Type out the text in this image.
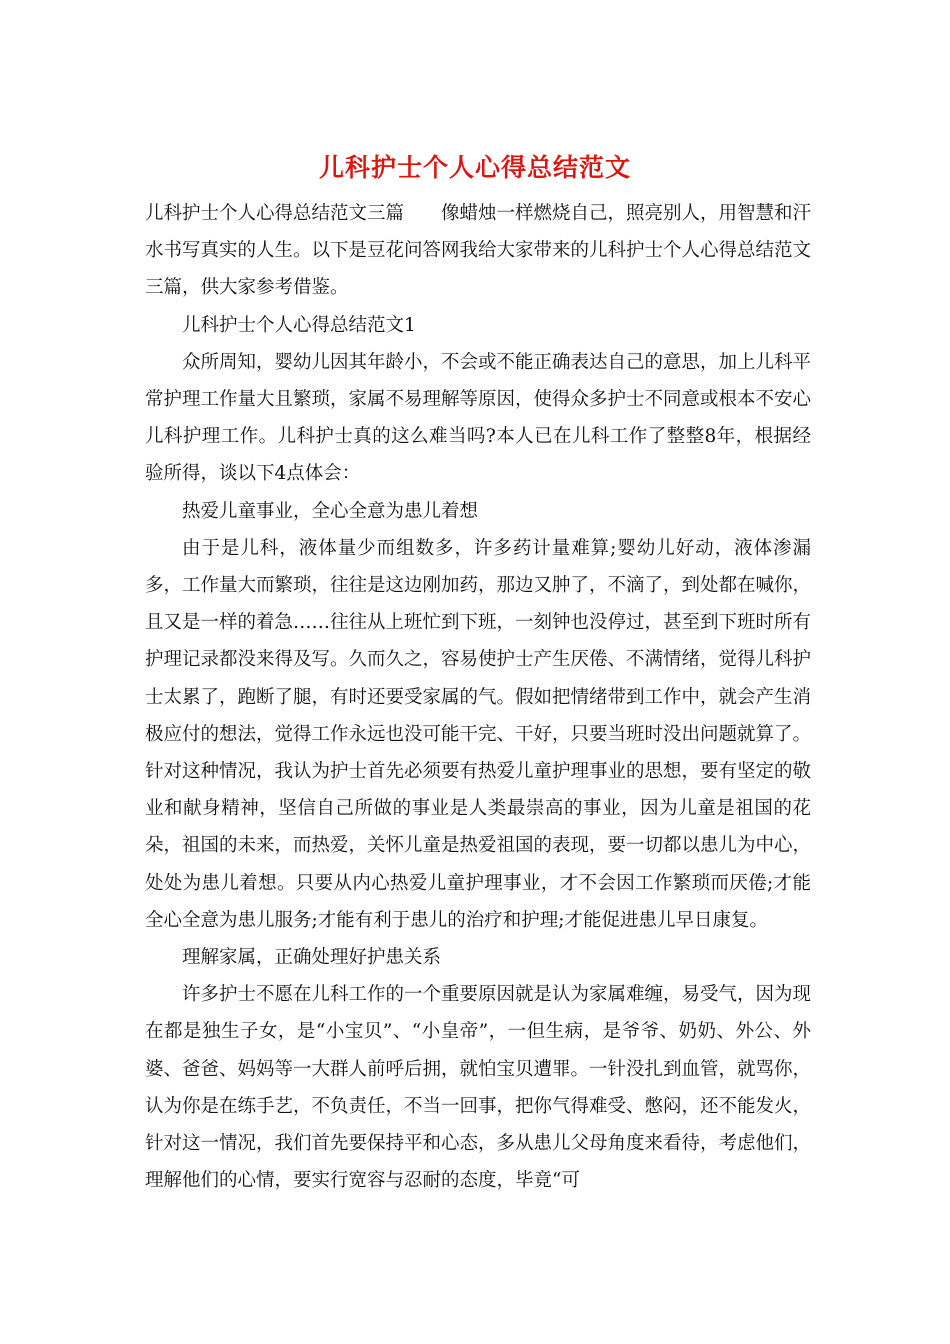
儿科护士个人心得总结范文

儿科护士个人心得总结范文三篇　　像蜡烛一样燃烧自己，照亮别人，用智慧和汗水书写真实的人生。以下是豆花问答网我给大家带来的儿科护士个人心得总结范文三篇，供大家参考借鉴。

儿科护士个人心得总结范文1

众所周知，婴幼儿因其年龄小，不会或不能正确表达自己的意思，加上儿科平常护理工作量大且繁琐，家属不易理解等原因，使得众多护士不同意或根本不安心儿科护理工作。儿科护士真的这么难当吗?本人已在儿科工作了整整8年，根据经验所得，谈以下4点体会：

热爱儿童事业，全心全意为患儿着想

由于是儿科，液体量少而组数多，许多药计量难算;婴幼儿好动，液体渗漏多，工作量大而繁琐，往往是这边刚加药，那边又肿了，不滴了，到处都在喊你，且又是一样的着急……往往从上班忙到下班，一刻钟也没停过，甚至到下班时所有护理记录都没来得及写。久而久之，容易使护士产生厌倦、不满情绪，觉得儿科护士太累了，跑断了腿，有时还要受家属的气。假如把情绪带到工作中，就会产生消极应付的想法，觉得工作永远也没可能干完、干好，只要当班时没出问题就算了。针对这种情况，我认为护士首先必须要有热爱儿童护理事业的思想，要有坚定的敬业和献身精神，坚信自己所做的事业是人类最崇高的事业，因为儿童是祖国的花朵，祖国的未来，而热爱，关怀儿童是热爱祖国的表现，要一切都以患儿为中心，处处为患儿着想。只要从内心热爱儿童护理事业，才不会因工作繁琐而厌倦;才能全心全意为患儿服务;才能有利于患儿的治疗和护理;才能促进患儿早日康复。

理解家属，正确处理好护患关系

许多护士不愿在儿科工作的一个重要原因就是认为家属难缠，易受气，因为现在都是独生子女，是“小宝贝”、“小皇帝”，一但生病，是爷爷、奶奶、外公、外婆、爸爸、妈妈等一大群人前呼后拥，就怕宝贝遭罪。一针没扎到血管，就骂你，认为你是在练手艺，不负责任，不当一回事，把你气得难受、憋闷，还不能发火，针对这一情况，我们首先要保持平和心态，多从患儿父母角度来看待，考虑他们，理解他们的心情，要实行宽容与忍耐的态度，毕竟“可
